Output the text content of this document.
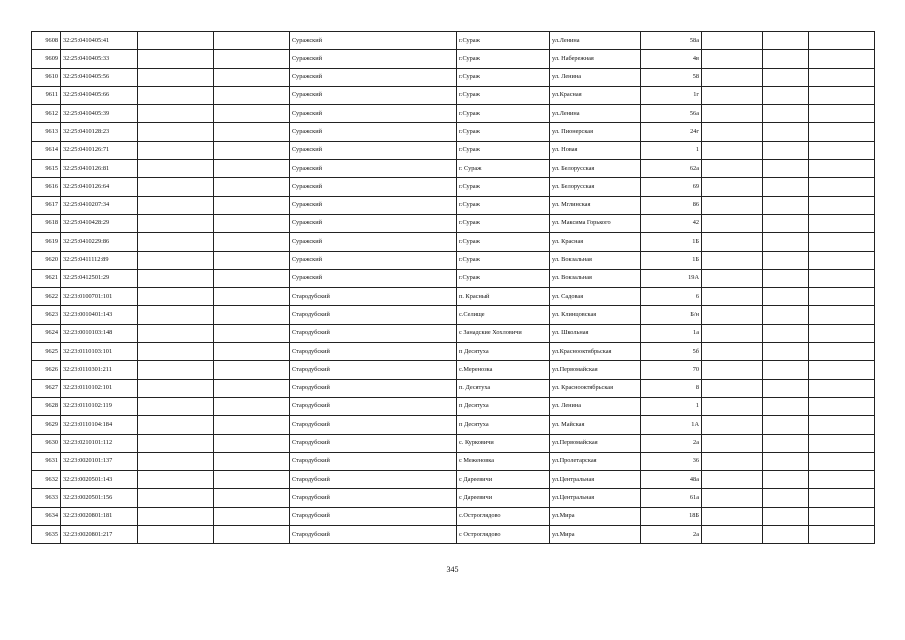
9608	32:25:0410405:41			Суражский	г.Сураж	ул.Ленина	58а			
9609	32:25:0410405:33			Суражский	г.Сураж	ул. Набережная	4в			
9610	32:25:0410405:56			Суражский	г.Сураж	ул. Ленина	58			
9611	32:25:0410405:66			Суражский	г.Сураж	ул.Красная	1г			
9612	32:25:0410405:39			Суражский	г.Сураж	ул.Ленина	56а			
9613	32:25:0410128:23			Суражский	г.Сураж	ул. Пионерская	24г			
9614	32:25:0410126:71			Суражский	г.Сураж	ул. Новая	1			
9615	32:25:0410126:81			Суражский	г. Сураж	ул. Белорусская	62а			
9616	32:25:0410126:64			Суражский	г.Сураж	ул. Белорусская	69			
9617	32:25:0410207:34			Суражский	г.Сураж	ул. Мглинская	86			
9618	32:25:0410428:29			Суражский	г.Сураж	ул. Максима Горького	42			
9619	32:25:0410229:86			Суражский	г.Сураж	ул. Красная	1Б			
9620	32:25:0411112:89			Суражский	г.Сураж	ул. Вокзальная	1Б			
9621	32:25:0412501:29			Суражский	г.Сураж	ул. Вокзальная	19А			
9622	32:23:0100701:101			Стародубский	п. Красный	ул. Садовая	6			
9623	32:23:0010401:143			Стародубский	с.Селище	ул. Клинцовская	Б/н			
9624	32:23:0010103:148			Стародубский	с Занадские Хохловичи	ул. Школьная	1а			
9625	32:23:0110103:101			Стародубский	п Десятуха	ул.Краснооктябрьская	5б			
9626	32:23:0110301:211			Стародубский	с.Меренозка	ул.Первомайская	70			
9627	32:23:0110102:101			Стародубский	п. Десятуха	ул. Краснооктябрьская	8			
9628	32:23:0110102:119			Стародубский	п Десятуха	ул. Ленина	1			
9629	32:23:0110104:184			Стародубский	п Десятуха	ул. Майская	1А			
9630	32:23:0210101:112			Стародубский	с. Курковичи	ул.Первомайская	2а			
9631	32:23:0020101:137			Стародубский	с Меженовка	ул.Пролетарская	36			
9632	32:23:0020501:143			Стародубский	с Дареевичи	ул.Центральная	48а			
9633	32:23:0020501:156			Стародубский	с Дареевичи	ул.Центральная	61а			
9634	32:23:0020801:181			Стародубский	с.Остроглядово	ул.Мира	18Б			
9635	32:23:0020801:217			Стародубский	с Остроглядово	ул.Мира	2а			
345
